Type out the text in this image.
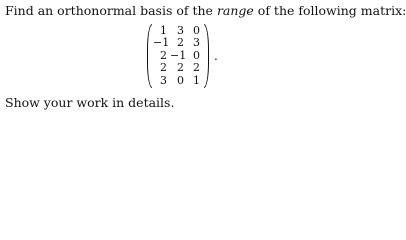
Find an orthonormal basis of the range of the following matrix:
1 3 0
−1 2 3
2 −1 0
2 2 2
3 0 1
.
Show your work in details.
